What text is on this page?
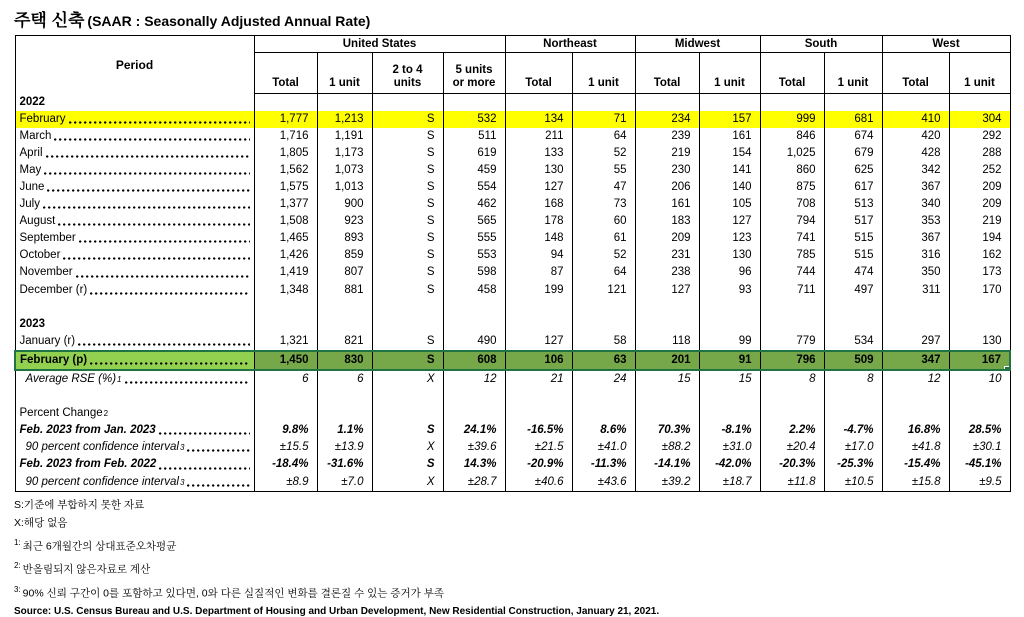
주택 신축 (SAAR : Seasonally Adjusted Annual Rate)
Period	United States				Northeast		Midwest		South		West	
	Total	1 unit	2 to 4
units	5 units
or more	Total	1 unit	Total	1 unit	Total	1 unit	Total	1 unit

2022												

February	1,777	1,213	S	532	134	71	234	157	999	681	410	304

March	1,716	1,191	S	511	211	64	239	161	846	674	420	292

April	1,805	1,173	S	619	133	52	219	154	1,025	679	428	288

May	1,562	1,073	S	459	130	55	230	141	860	625	342	252

June	1,575	1,013	S	554	127	47	206	140	875	617	367	209

July	1,377	900	S	462	168	73	161	105	708	513	340	209

August	1,508	923	S	565	178	60	183	127	794	517	353	219

September	1,465	893	S	555	148	61	209	123	741	515	367	194

October	1,426	859	S	553	94	52	231	130	785	515	316	162

November	1,419	807	S	598	87	64	238	96	744	474	350	173

December (r)	1,348	881	S	458	199	121	127	93	711	497	311	170

2023												

January (r)	1,321	821	S	490	127	58	118	99	779	534	297	130

February (p)	1,450	830	S	608	106	63	201	91	796	509	347	167

Average RSE (%) 1	6	6	X	12	21	24	15	15	8	8	12	10

Percent Change 2												

Feb. 2023 from Jan. 2023	9.8%	1.1%	S	24.1%	-16.5%	8.6%	70.3%	-8.1%	2.2%	-4.7%	16.8%	28.5%

90 percent confidence interval 3	±15.5	±13.9	X	±39.6	±21.5	±41.0	±88.2	±31.0	±20.4	±17.0	±41.8	±30.1

Feb. 2023 from Feb. 2022	-18.4%	-31.6%	S	14.3%	-20.9%	-11.3%	-14.1%	-42.0%	-20.3%	-25.3%	-15.4%	-45.1%

90 percent confidence interval 3	±8.9	±7.0	X	±28.7	±40.6	±43.6	±39.2	±18.7	±11.8	±10.5	±15.8	±9.5
S:기준에 부합하지 못한 자료
X:해당 없음
$^{1:}$ 최근 6개월간의 상대표준오차평균
$^{2:}$ 반올림되지 않은자료로 계산
$^{3:}$ 90% 신뢰 구간이 0를 포함하고 있다면, 0와 다른 실질적인 변화를 결론질 수 있는 증거가 부족
Source: U.S. Census Bureau and U.S. Department of Housing and Urban Development, New Residential Construction, January 21, 2021.
